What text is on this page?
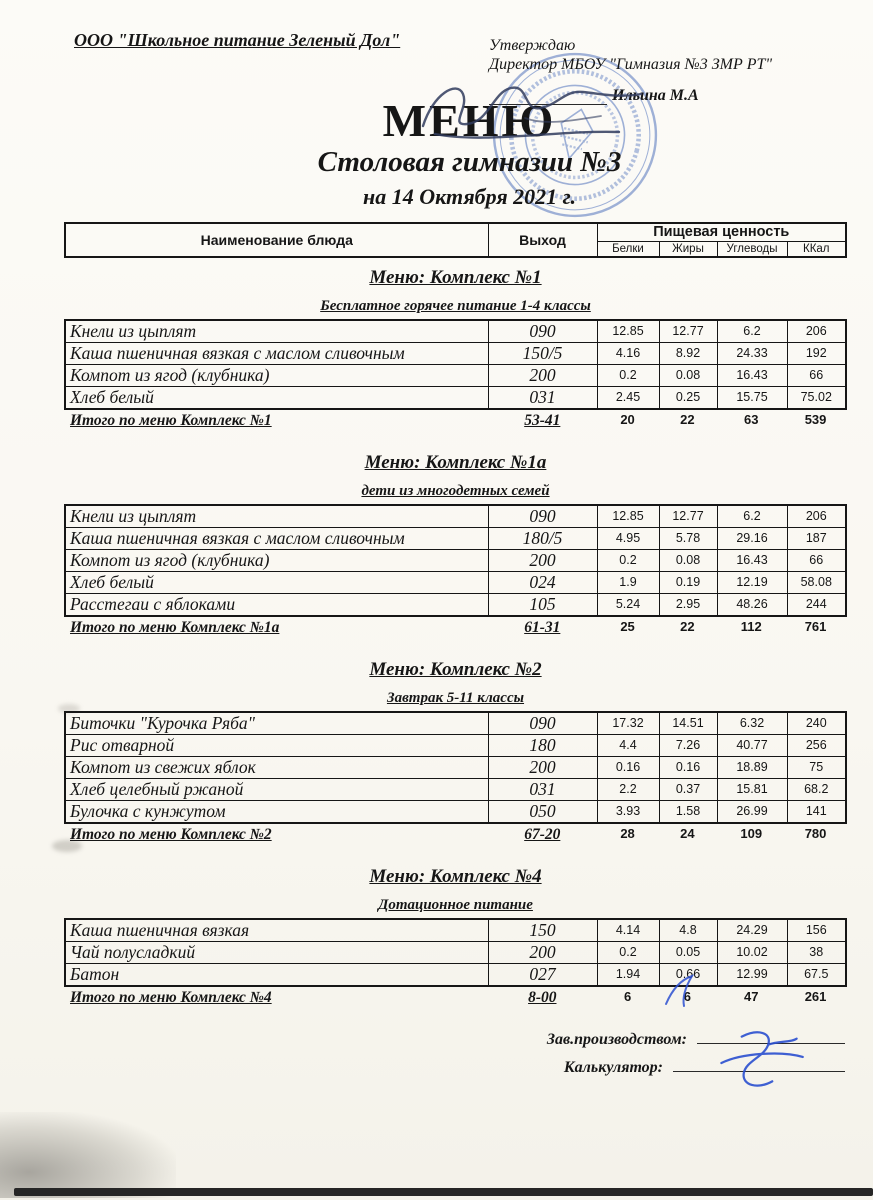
ООО "Школьное питание Зеленый Дол"	Утверждаю
Директор МБОУ "Гимназия №3 ЗМР РТ"
Ильина М.А
МЕНЮ
Столовая гимназии №3
на 14 Октября 2021 г.
Наименование блюда	Выход	Пищевая ценность			
		Белки	Жиры	Углеводы	ККал
Меню: Комплекс №1
Бесплатное горячее питание 1-4 классы
Кнели из цыплят	090	12.85	12.77	6.2	206
Каша пшеничная вязкая с маслом сливочным	150/5	4.16	8.92	24.33	192
Компот из ягод (клубника)	200	0.2	0.08	16.43	66
Хлеб белый	031	2.45	0.25	15.75	75.02
Итого по меню Комплекс №1	53-41	20	22	63	539
Меню: Комплекс №1а
дети из многодетных семей
Кнели из цыплят	090	12.85	12.77	6.2	206
Каша пшеничная вязкая с маслом сливочным	180/5	4.95	5.78	29.16	187
Компот из ягод (клубника)	200	0.2	0.08	16.43	66
Хлеб белый	024	1.9	0.19	12.19	58.08
Расстегаи с яблоками	105	5.24	2.95	48.26	244
Итого по меню Комплекс №1а	61-31	25	22	112	761
Меню: Комплекс №2
Завтрак 5-11 классы
Биточки "Курочка Ряба"	090	17.32	14.51	6.32	240
Рис отварной	180	4.4	7.26	40.77	256
Компот из свежих яблок	200	0.16	0.16	18.89	75
Хлеб целебный ржаной	031	2.2	0.37	15.81	68.2
Булочка с кунжутом	050	3.93	1.58	26.99	141
Итого по меню Комплекс №2	67-20	28	24	109	780
Меню: Комплекс №4
Дотационное питание
Каша пшеничная вязкая	150	4.14	4.8	24.29	156
Чай полусладкий	200	0.2	0.05	10.02	38
Батон	027	1.94	0.66	12.99	67.5
Итого по меню Комплекс №4	8-00	6	6	47	261
Зав.производством:
Калькулятор:
